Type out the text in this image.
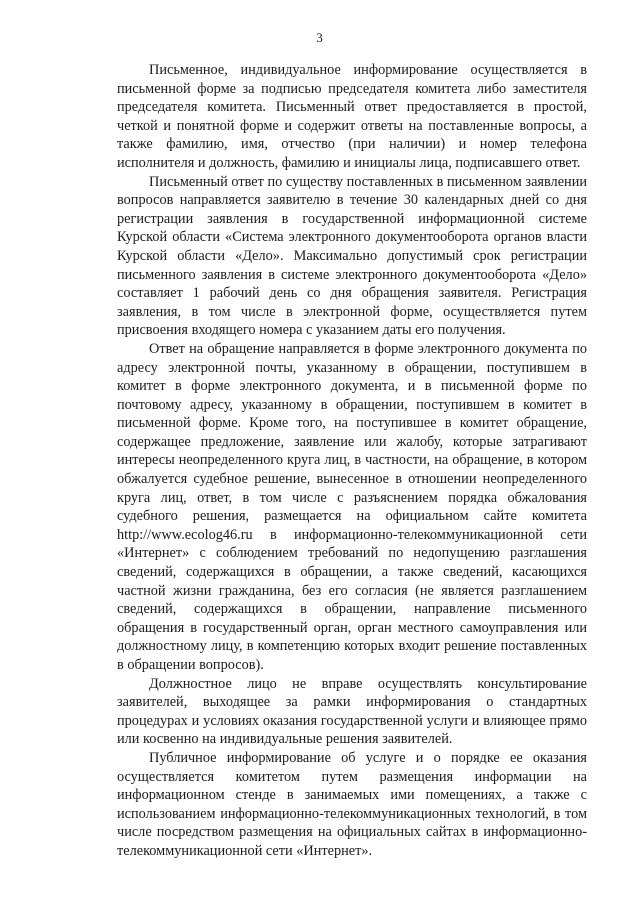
3

Письменное, индивидуальное информирование осуществляется в письменной форме за подписью председателя комитета либо заместителя председателя комитета. Письменный ответ предоставляется в простой, четкой и понятной форме и содержит ответы на поставленные вопросы, а также фамилию, имя, отчество (при наличии) и номер телефона исполнителя и должность, фамилию и инициалы лица, подписавшего ответ.

Письменный ответ по существу поставленных в письменном заявлении вопросов направляется заявителю в течение 30 календарных дней со дня регистрации заявления в государственной информационной системе Курской области «Система электронного документооборота органов власти Курской области «Дело». Максимально допустимый срок регистрации письменного заявления в системе электронного документооборота «Дело» составляет 1 рабочий день со дня обращения заявителя. Регистрация заявления, в том числе в электронной форме, осуществляется путем присвоения входящего номера с указанием даты его получения.

Ответ на обращение направляется в форме электронного документа по адресу электронной почты, указанному в обращении, поступившем в комитет в форме электронного документа, и в письменной форме по почтовому адресу, указанному в обращении, поступившем в комитет в письменной форме. Кроме того, на поступившее в комитет обращение, содержащее предложение, заявление или жалобу, которые затрагивают интересы неопределенного круга лиц, в частности, на обращение, в котором обжалуется судебное решение, вынесенное в отношении неопределенного круга лиц, ответ, в том числе с разъяснением порядка обжалования судебного решения, размещается на официальном сайте комитета http://www.ecolog46.ru в информационно-телекоммуникационной сети «Интернет» с соблюдением требований по недопущению разглашения сведений, содержащихся в обращении, а также сведений, касающихся частной жизни гражданина, без его согласия (не является разглашением сведений, содержащихся в обращении, направление письменного обращения в государственный орган, орган местного самоуправления или должностному лицу, в компетенцию которых входит решение поставленных в обращении вопросов).

Должностное лицо не вправе осуществлять консультирование заявителей, выходящее за рамки информирования о стандартных процедурах и условиях оказания государственной услуги и влияющее прямо или косвенно на индивидуальные решения заявителей.

Публичное информирование об услуге и о порядке ее оказания осуществляется комитетом путем размещения информации на информационном стенде в занимаемых ими помещениях, а также с использованием информационно-телекоммуникационных технологий, в том числе посредством размещения на официальных сайтах в информационно-телекоммуникационной сети «Интернет».
